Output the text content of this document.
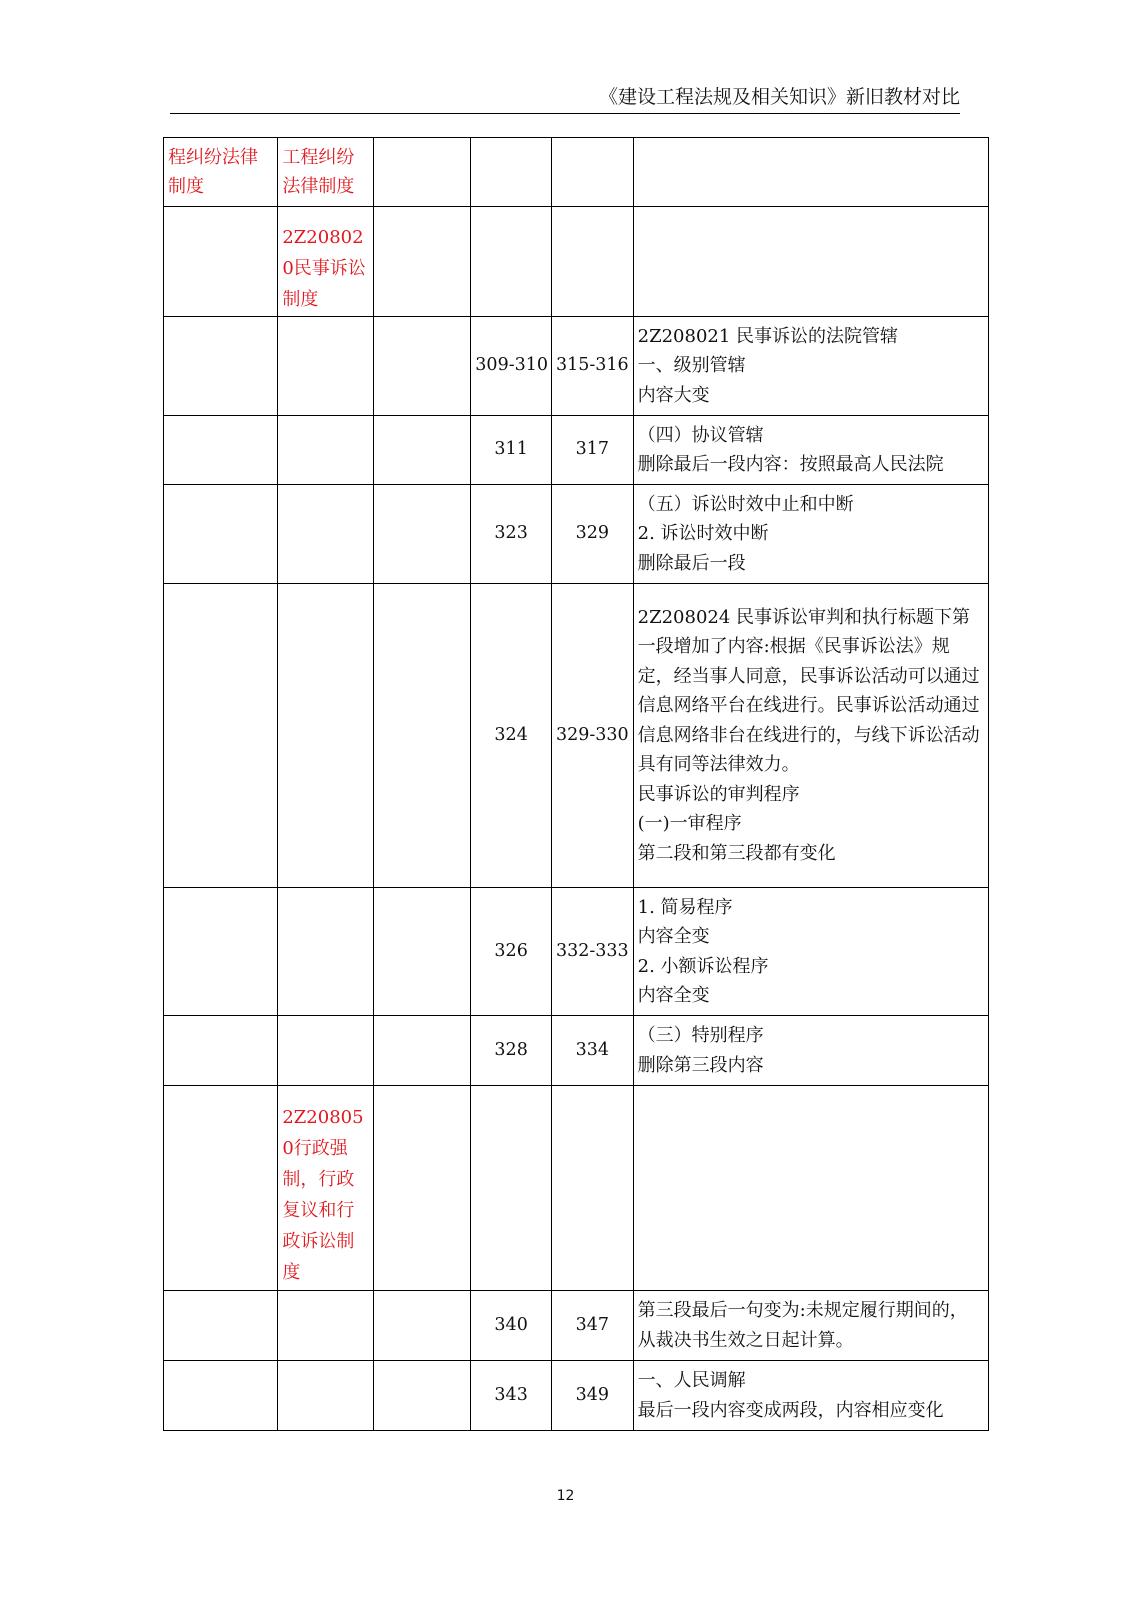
《建设工程法规及相关知识》新旧教材对比
程纠纷法律制度	工程纠纷法律制度				
	2Z208020民事诉讼制度				
			309-310	315-316	2Z208021 民事诉讼的法院管辖
一、级别管辖
内容大变

			311	317	（四）协议管辖
删除最后一段内容：按照最高人民法院

			323	329	（五）诉讼时效中止和中断
2. 诉讼时效中断
删除最后一段

			324	329-330	2Z208024 民事诉讼审判和执行标题下第一段增加了内容:根据《民事诉讼法》规定，经当事人同意，民事诉讼活动可以通过信息网络平台在线进行。民事诉讼活动通过信息网络非台在线进行的，与线下诉讼活动具有同等法律效力。
民事诉讼的审判程序
(一)一审程序
第二段和第三段都有变化

			326	332-333	1. 简易程序
内容全变
2. 小额诉讼程序
内容全变

			328	334	（三）特别程序
删除第三段内容

	2Z208050行政强制，行政复议和行政诉讼制度				
			340	347	第三段最后一句变为:未规定履行期间的，从裁决书生效之日起计算。

			343	349	一、人民调解
最后一段内容变成两段，内容相应变化
12
